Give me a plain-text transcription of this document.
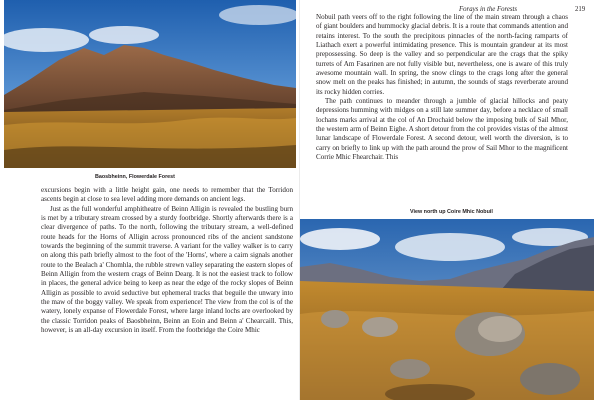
Baosbheinn, Flowerdale Forest

excursions begin with a little height gain, one needs to remember that the Torridon ascents begin at close to sea level adding more demands on ancient legs.

Just as the full wonderful amphitheatre of Beinn Alligin is revealed the bustling burn is met by a tributary stream crossed by a sturdy footbridge. Shortly afterwards there is a clear divergence of paths. To the north, following the tributary stream, a well-defined route heads for the Horns of Alligin across pronounced ribs of the ancient sandstone towards the beginning of the summit traverse. A variant for the valley walker is to carry on along this path briefly almost to the foot of the 'Horns', where a cairn signals another route to the Bealach a' Chomhla, the rubble strewn valley separating the eastern slopes of Beinn Alligin from the western crags of Beinn Dearg. It is not the easiest track to follow in places, the general advice being to keep as near the edge of the rocky slopes of Beinn Alligin as possible to avoid seductive but ephemeral tracks that beguile the unwary into the maw of the boggy valley. We speak from experience! The view from the col is of the watery, lonely expanse of Flowerdale Forest, where large inland lochs are overlooked by the classic Torridon peaks of Baosbheinn, Beinn an Eoin and Beinn a' Chearcaill. This, however, is an all-day excursion in itself. From the footbridge the Coire Mhic

Forays in the Forests	219

Nobuil path veers off to the right following the line of the main stream through a chaos of giant boulders and hummocky glacial debris. It is a route that commands attention and retains interest. To the south the precipitous pinnacles of the north-facing ramparts of Liathach exert a powerful intimidating presence. This is mountain grandeur at its most prepossessing. So deep is the valley and so perpendicular are the crags that the spiky turrets of Am Fasarinen are not fully visible but, nevertheless, one is aware of this truly awesome mountain wall. In spring, the snow clings to the crags long after the general snow melt on the peaks has finished; in autumn, the sounds of stags reverberate around its rocky hidden corries.

The path continues to meander through a jumble of glacial hillocks and peaty depressions humming with midges on a still late summer day, before a necklace of small lochans marks arrival at the col of An Drochaid below the imposing bulk of Sail Mhor, the western arm of Beinn Eighe. A short detour from the col provides vistas of the almost lunar landscape of Flowerdale Forest. A second detour, well worth the diversion, is to carry on briefly to link up with the path around the prow of Sail Mhor to the magnificent Corrie Mhic Fhearchair. This

View north up Coire Mhic Nobuil
